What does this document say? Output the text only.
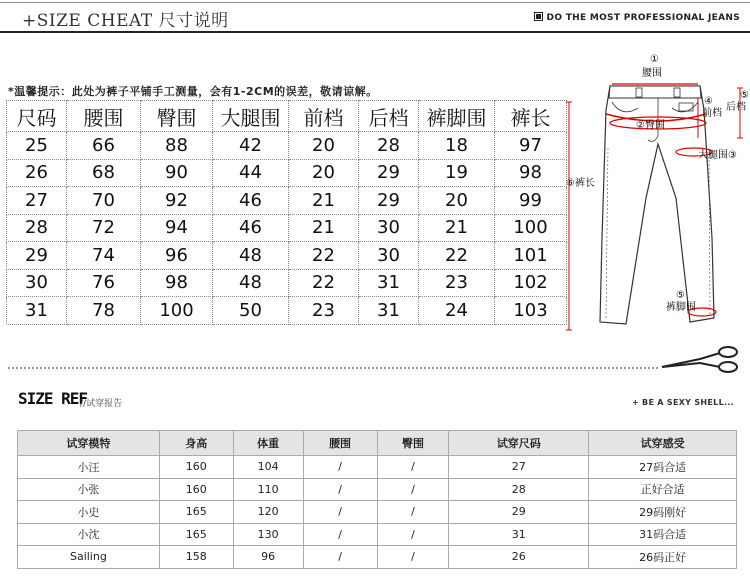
+SIZE CHEAT 尺寸说明	DO THE MOST PROFESSIONAL JEANS
*温馨提示：此处为裤子平铺手工测量，会有1-2CM的误差，敬请谅解。
尺码	腰围	臀围	大腿围	前档	后档	裤脚围	裤长
25	66	88	42	20	28	18	97
26	68	90	44	20	29	19	98
27	70	92	46	21	29	20	99
28	72	94	46	21	30	21	100
29	74	96	48	22	30	22	101
30	76	98	48	22	31	23	102
31	78	100	50	23	31	24	103
①
腰围
②臀围
大腿围③
④
前档
⑤
后档
⑥裤长
⑤
裤脚围
SIZE REF
//试穿报告	+ BE A SEXY SHELL...
试穿模特	身高	体重	腰围	臀围	试穿尺码	试穿感受
小汪	160	104	/	/	27	27码合适
小张	160	110	/	/	28	正好合适
小史	165	120	/	/	29	29码刚好
小沈	165	130	/	/	31	31码合适
Sailing	158	96	/	/	26	26码正好
